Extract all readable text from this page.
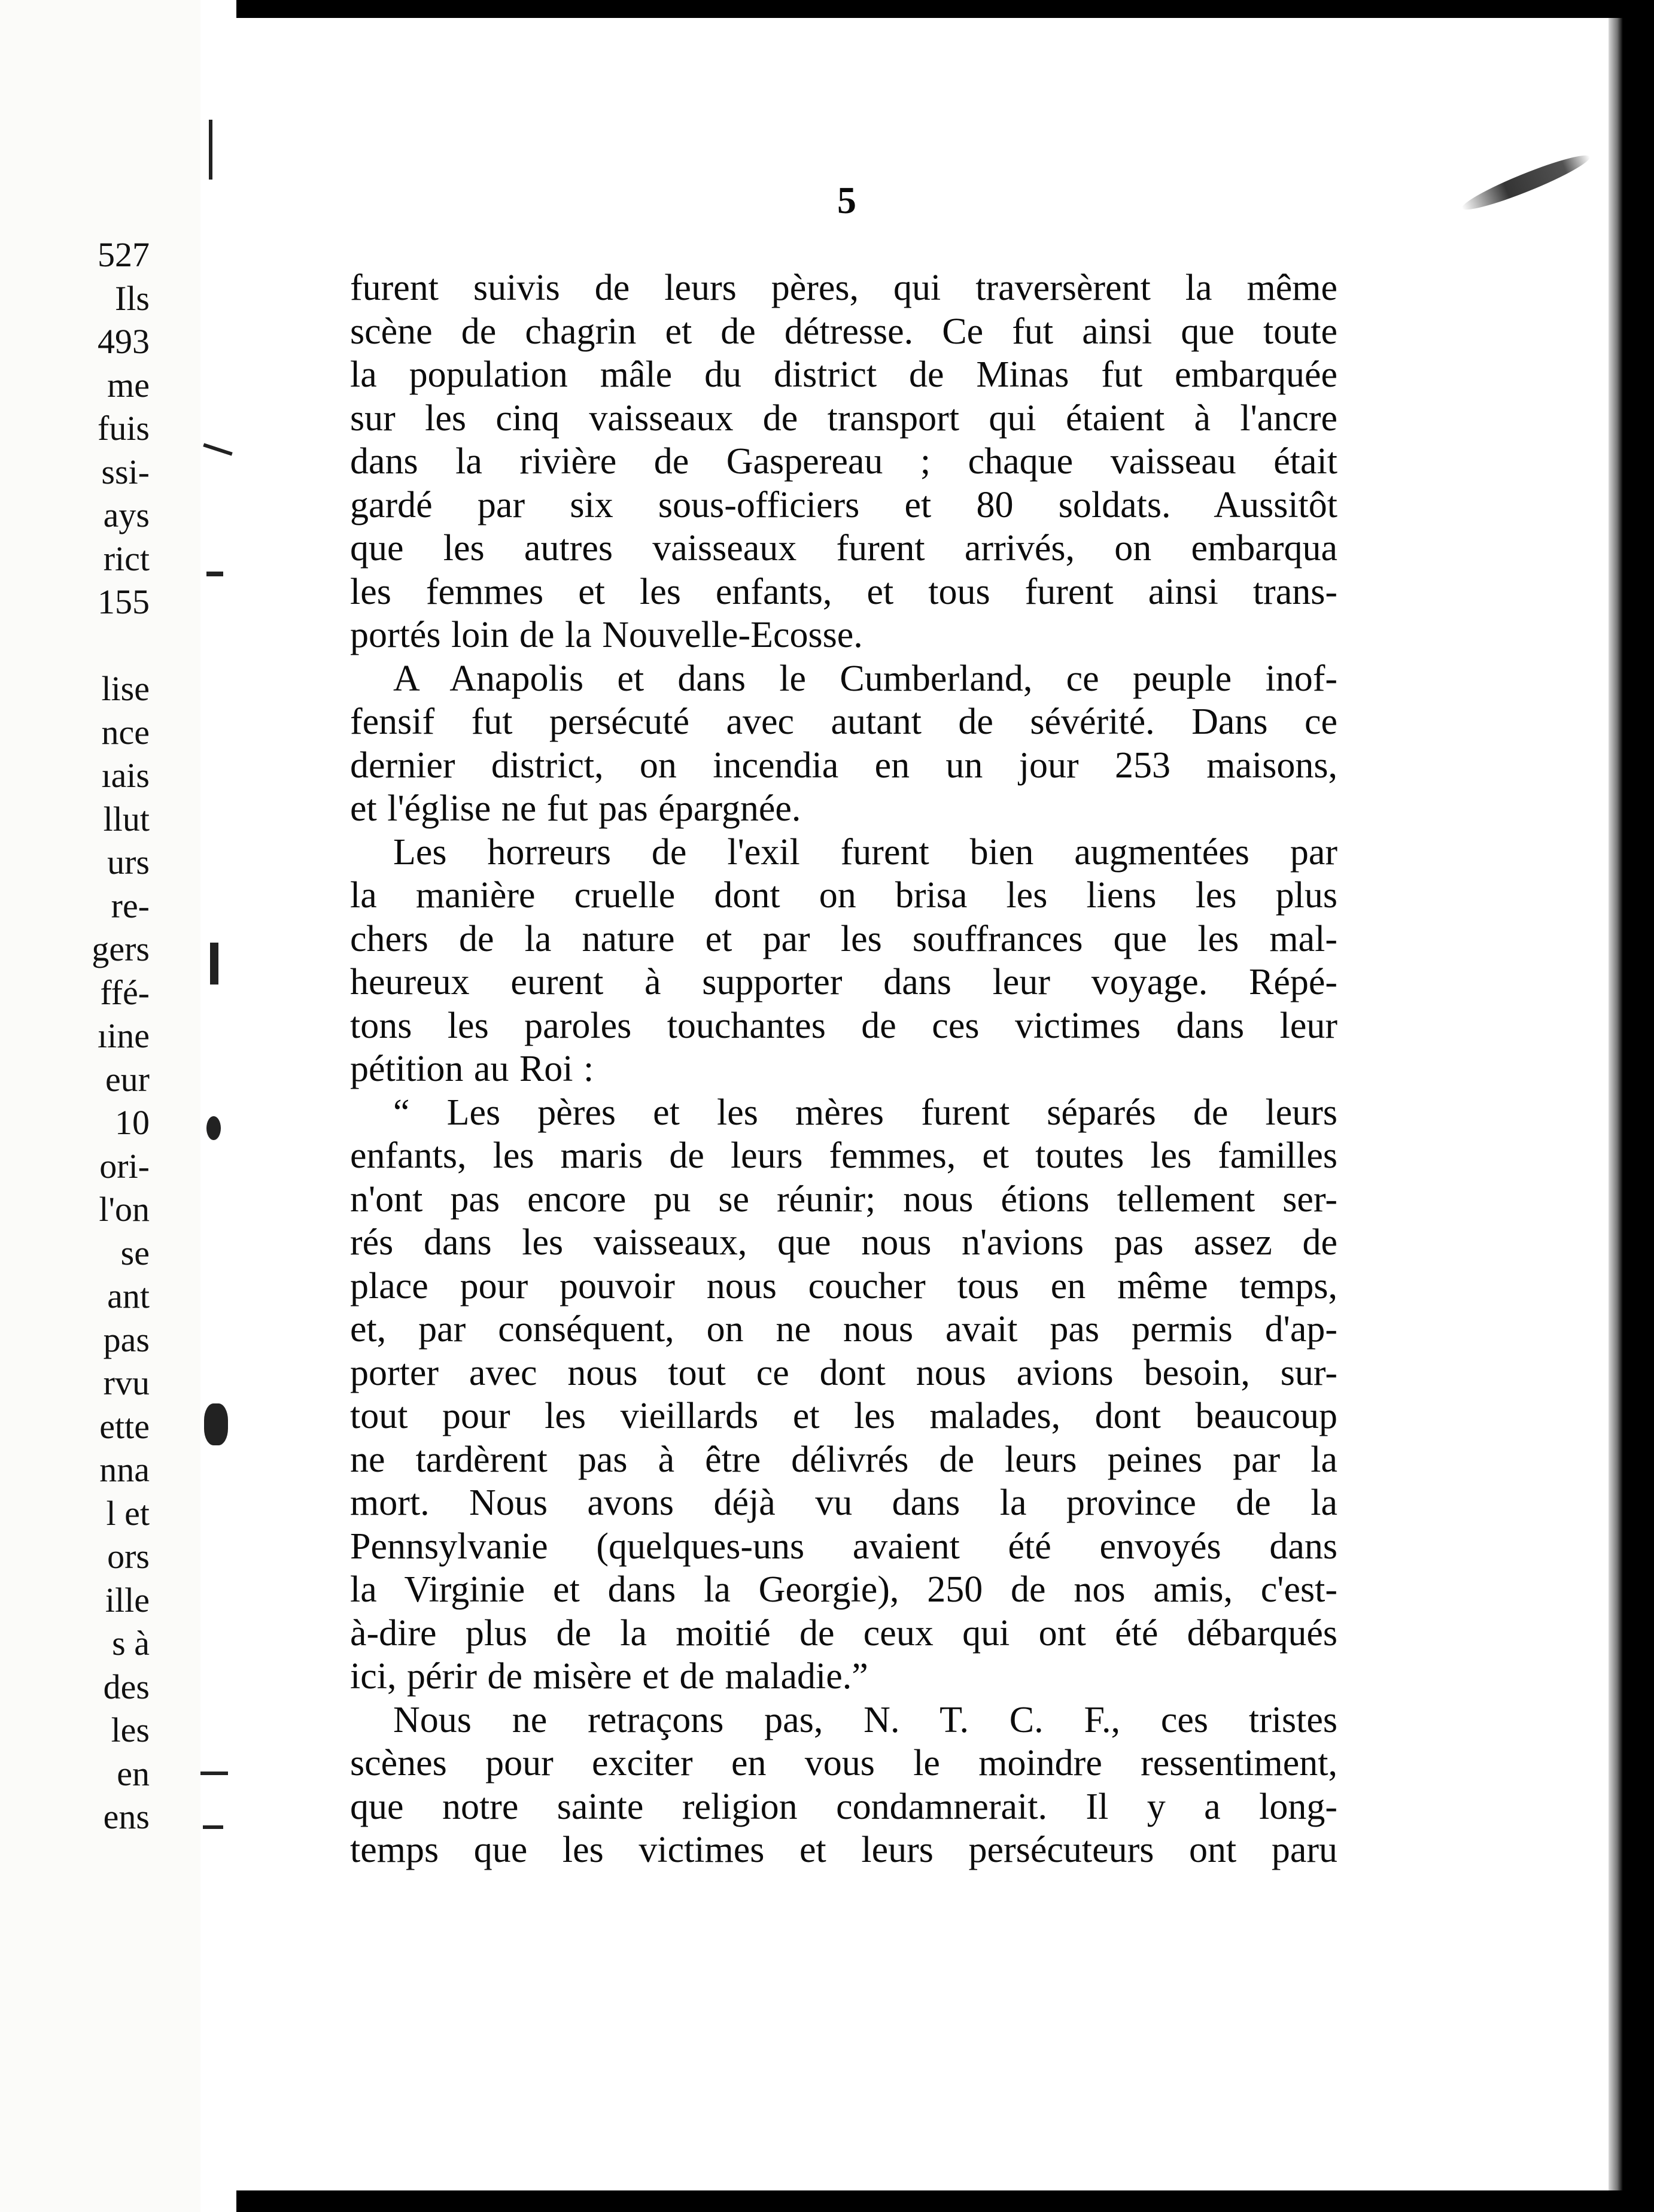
527
Ils
493
me
fuis
ssi-
ays
rict
155
lise
nce
ıais
llut
urs
re-
gers
ffé-
ıine
eur
10
ori-
l'on
se
ant
pas
rvu
ette
nna
l et
ors
ille
s à
des
les
en
ens
5
furent suivis de leurs pères, qui traversèrent la même
scène de chagrin et de détresse. Ce fut ainsi que toute
la population mâle du district de Minas fut embarquée
sur les cinq vaisseaux de transport qui étaient à l'ancre
dans la rivière de Gaspereau ; chaque vaisseau était
gardé par six sous-officiers et 80 soldats. Aussitôt
que les autres vaisseaux furent arrivés, on embarqua
les femmes et les enfants, et tous furent ainsi trans-
portés loin de la Nouvelle-Ecosse.
A Anapolis et dans le Cumberland, ce peuple inof-
fensif fut persécuté avec autant de sévérité. Dans ce
dernier district, on incendia en un jour 253 maisons,
et l'église ne fut pas épargnée.
Les horreurs de l'exil furent bien augmentées par
la manière cruelle dont on brisa les liens les plus
chers de la nature et par les souffrances que les mal-
heureux eurent à supporter dans leur voyage. Répé-
tons les paroles touchantes de ces victimes dans leur
pétition au Roi :
“ Les pères et les mères furent séparés de leurs
enfants, les maris de leurs femmes, et toutes les familles
n'ont pas encore pu se réunir; nous étions tellement ser-
rés dans les vaisseaux, que nous n'avions pas assez de
place pour pouvoir nous coucher tous en même temps,
et, par conséquent, on ne nous avait pas permis d'ap-
porter avec nous tout ce dont nous avions besoin, sur-
tout pour les vieillards et les malades, dont beaucoup
ne tardèrent pas à être délivrés de leurs peines par la
mort. Nous avons déjà vu dans la province de la
Pennsylvanie (quelques-uns avaient été envoyés dans
la Virginie et dans la Georgie), 250 de nos amis, c'est-
à-dire plus de la moitié de ceux qui ont été débarqués
ici, périr de misère et de maladie.”
Nous ne retraçons pas, N. T. C. F., ces tristes
scènes pour exciter en vous le moindre ressentiment,
que notre sainte religion condamnerait. Il y a long-
temps que les victimes et leurs persécuteurs ont paru
